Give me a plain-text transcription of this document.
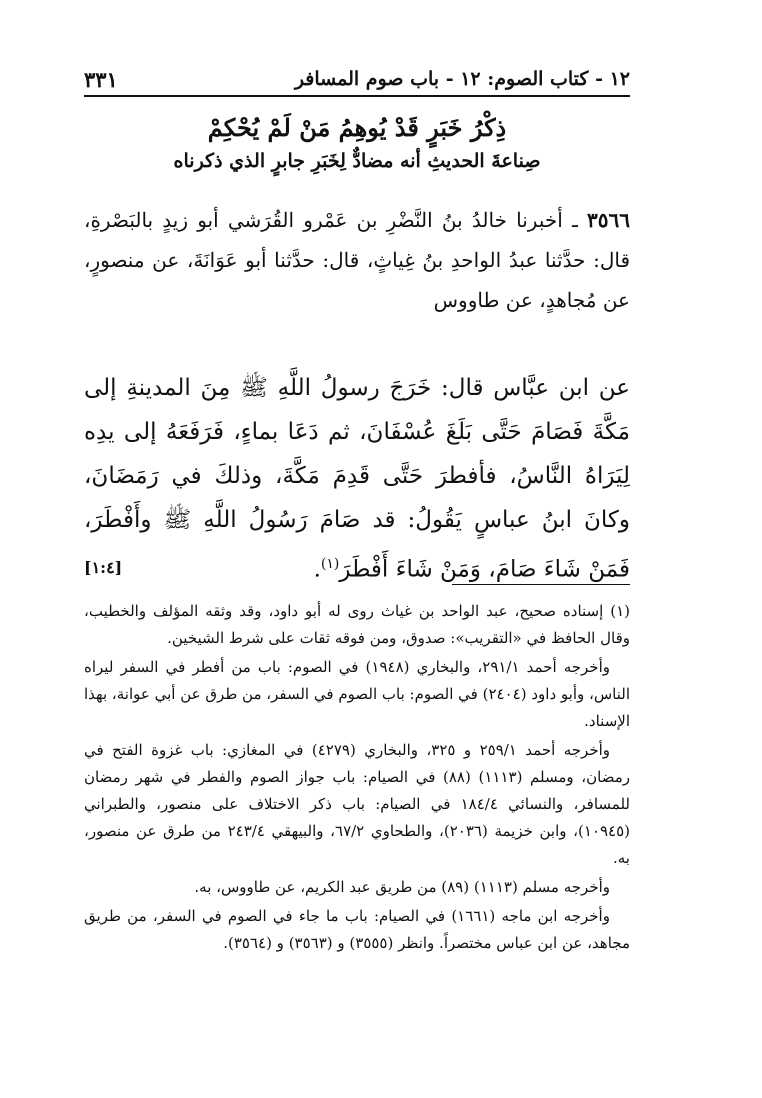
١٢ - كتاب الصوم: ١٢ - باب صوم المسافر
٣٣١
ذِكْرُ خَبَرٍ قَدْ يُوهِمُ مَنْ لَمْ يُحْكِمْ
صِناعةَ الحديثِ أنه مضادٌّ لِخَبَرِ جابرٍ الذي ذكرناه
٣٥٦٦ ـ أخبرنا خالدُ بنُ النَّضْرِ بن عَمْرو القُرَشي أبو زيدٍ بالبَصْرةِ، قال: حدَّثنا عبدُ الواحدِ بنُ غِياثٍ، قال: حدَّثنا أبو عَوَانَةَ، عن منصورٍ، عن مُجاهدٍ، عن طاووس
عن ابن عبَّاس قال: خَرَجَ رسولُ اللَّهِ ﷺ مِنَ المدينةِ إلى مَكَّةَ فَصَامَ حَتَّى بَلَغَ عُسْفَانَ، ثم دَعَا بماءٍ، فَرَفَعَهُ إلى يدِه لِيَرَاهُ النَّاسُ، فأفطرَ حَتَّى قَدِمَ مَكَّةَ، وذلكَ في رَمَضَانَ، وكانَ ابنُ عباسٍ يَقُولُ: قد صَامَ رَسُولُ اللَّهِ ﷺ وأَفْطَرَ، فَمَنْ شَاءَ صَامَ، وَمَنْ شَاءَ أَفْطَرَ$^{(١)}$.
[١:٤]

(١) إسناده صحيح، عبد الواحد بن غياث روى له أبو داود، وقد وثقه المؤلف والخطيب، وقال الحافظ في «التقريب»: صدوق، ومن فوقه ثقات على شرط الشيخين.

وأخرجه أحمد ٢٩١/١، والبخاري (١٩٤٨) في الصوم: باب من أفطر في السفر ليراه الناس، وأبو داود (٢٤٠٤) في الصوم: باب الصوم في السفر، من طرق عن أبي عوانة، بهذا الإسناد.

وأخرجه أحمد ٢٥٩/١ و ٣٢٥، والبخاري (٤٢٧٩) في المغازي: باب غزوة الفتح في رمضان، ومسلم (١١١٣) (٨٨) في الصيام: باب جواز الصوم والفطر في شهر رمضان للمسافر، والنسائي ١٨٤/٤ في الصيام: باب ذكر الاختلاف على منصور، والطبراني (١٠٩٤٥)، وابن خزيمة (٢٠٣٦)، والطحاوي ٦٧/٢، والبيهقي ٢٤٣/٤ من طرق عن منصور، به.

وأخرجه مسلم (١١١٣) (٨٩) من طريق عبد الكريم، عن طاووس، به.

وأخرجه ابن ماجه (١٦٦١) في الصيام: باب ما جاء في الصوم في السفر، من طريق مجاهد، عن ابن عباس مختصراً. وانظر (٣٥٥٥) و (٣٥٦٣) و (٣٥٦٤).
